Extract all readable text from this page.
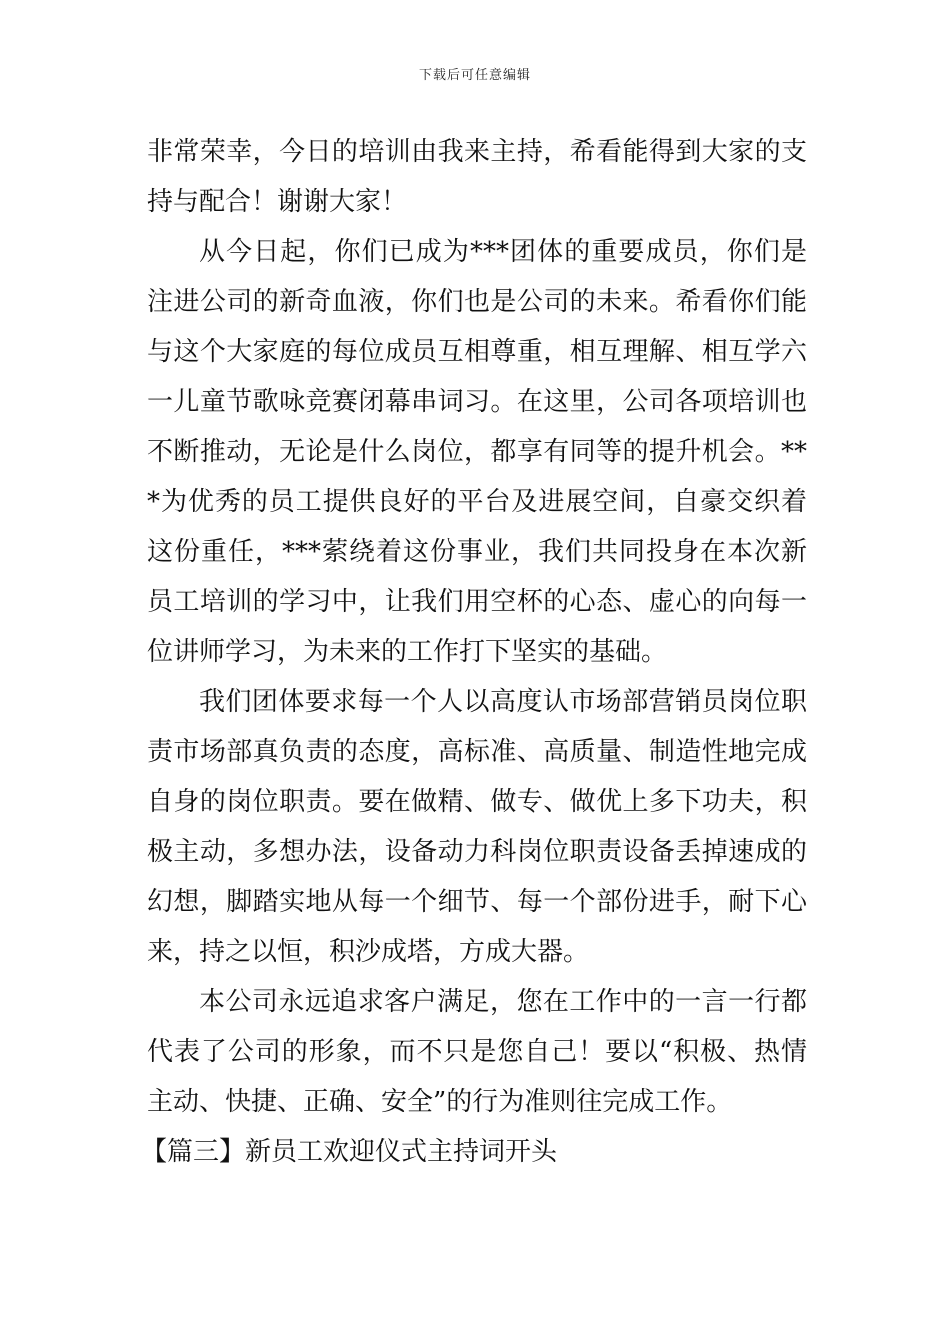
下载后可任意编辑

非常荣幸，今日的培训由我来主持，希看能得到大家的支持与配合！谢谢大家！

从今日起，你们已成为***团体的重要成员，你们是注进公司的新奇血液，你们也是公司的未来。希看你们能与这个大家庭的每位成员互相尊重，相互理解、相互学六一儿童节歌咏竞赛闭幕串词习。在这里，公司各项培训也不断推动，无论是什么岗位，都享有同等的提升机会。***为优秀的员工提供良好的平台及进展空间，自豪交织着这份重任，***萦绕着这份事业，我们共同投身在本次新员工培训的学习中，让我们用空杯的心态、虚心的向每一位讲师学习，为未来的工作打下坚实的基础。

我们团体要求每一个人以高度认市场部营销员岗位职责市场部真负责的态度，高标准、高质量、制造性地完成自身的岗位职责。要在做精、做专、做优上多下功夫，积极主动，多想办法，设备动力科岗位职责设备丢掉速成的幻想，脚踏实地从每一个细节、每一个部份进手，耐下心来，持之以恒，积沙成塔，方成大器。

本公司永远追求客户满足，您在工作中的一言一行都代表了公司的形象，而不只是您自己！要以“积极、热情主动、快捷、正确、安全”的行为准则往完成工作。

【篇三】新员工欢迎仪式主持词开头
